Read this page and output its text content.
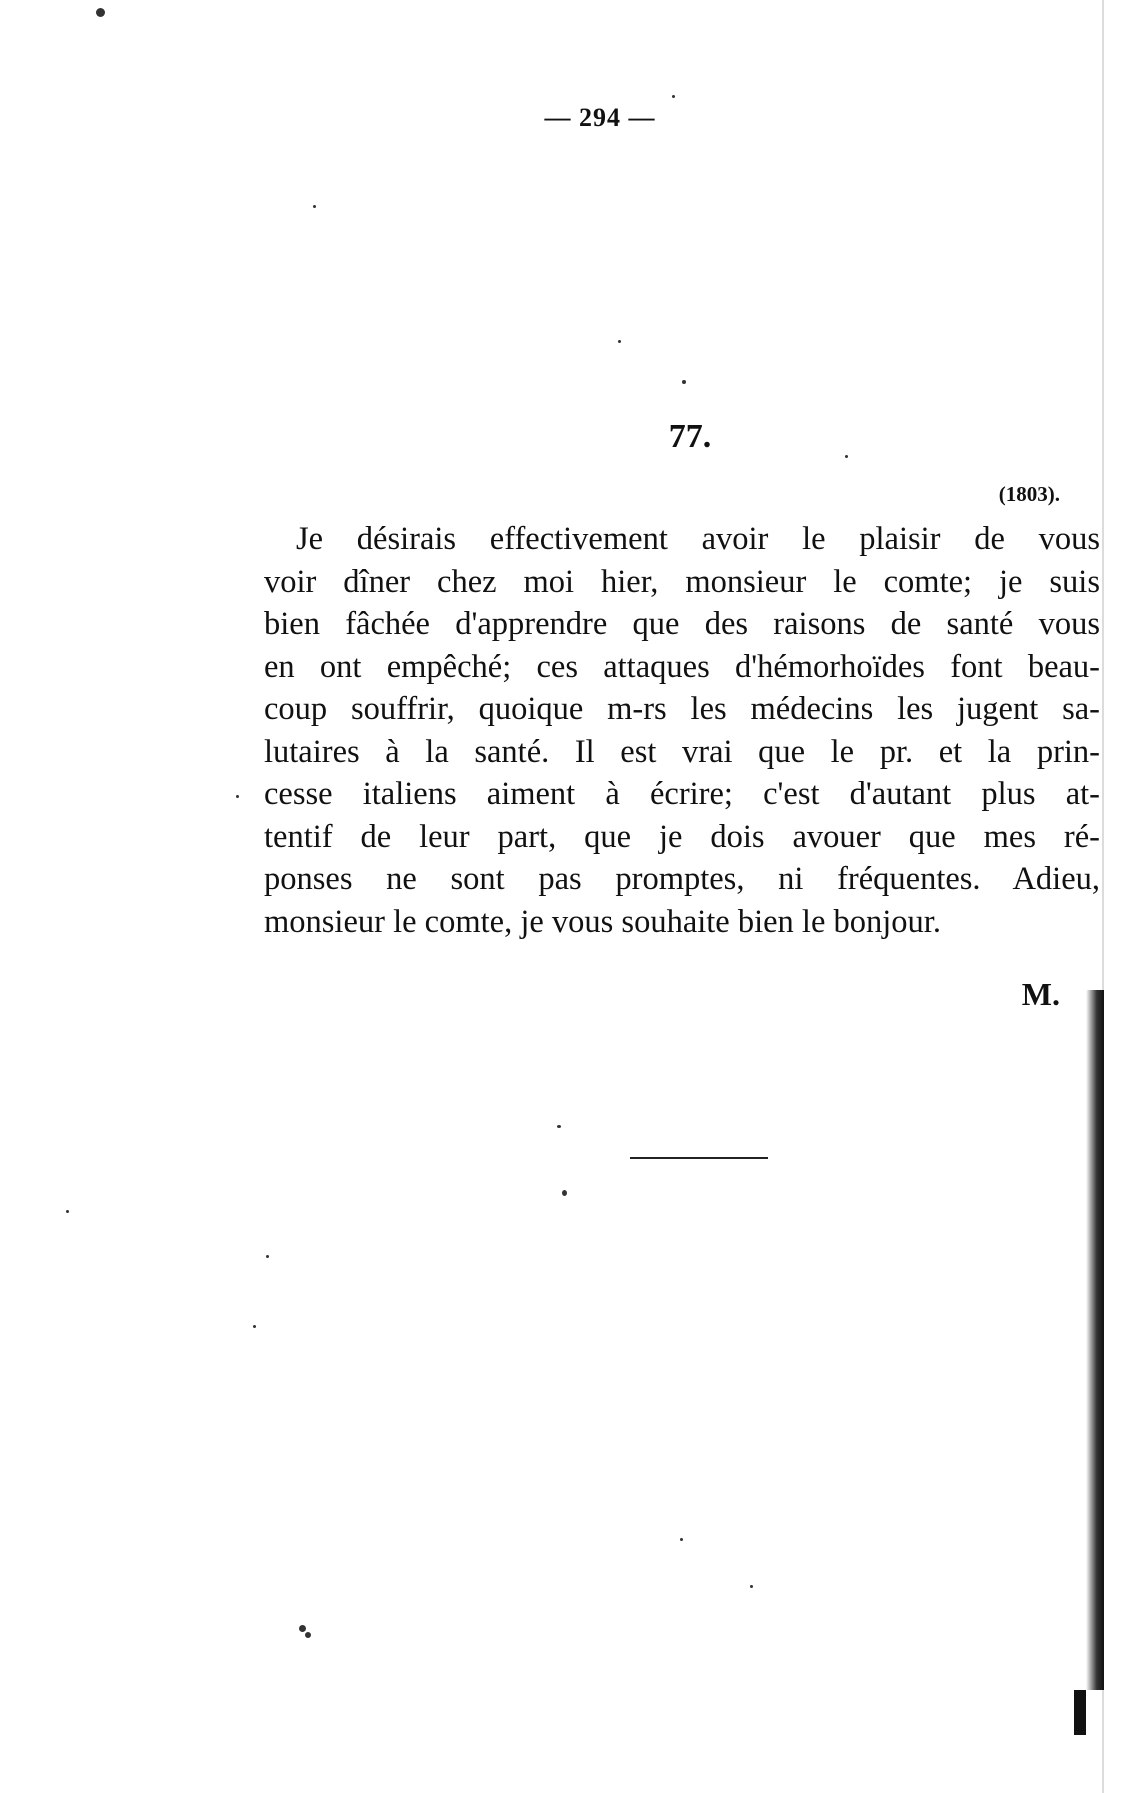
— 294 —
77.
(1803).
Je désirais effectivement avoir le plaisir de vous
voir dîner chez moi hier, monsieur le comte; je suis
bien fâchée d'apprendre que des raisons de santé vous
en ont empêché; ces attaques d'hémorhoïdes font beau-
coup souffrir, quoique m-rs les médecins les jugent sa-
lutaires à la santé. Il est vrai que le pr. et la prin-
cesse italiens aiment à écrire; c'est d'autant plus at-
tentif de leur part, que je dois avouer que mes ré-
ponses ne sont pas promptes, ni fréquentes. Adieu,
monsieur le comte, je vous souhaite bien le bonjour.
M.
